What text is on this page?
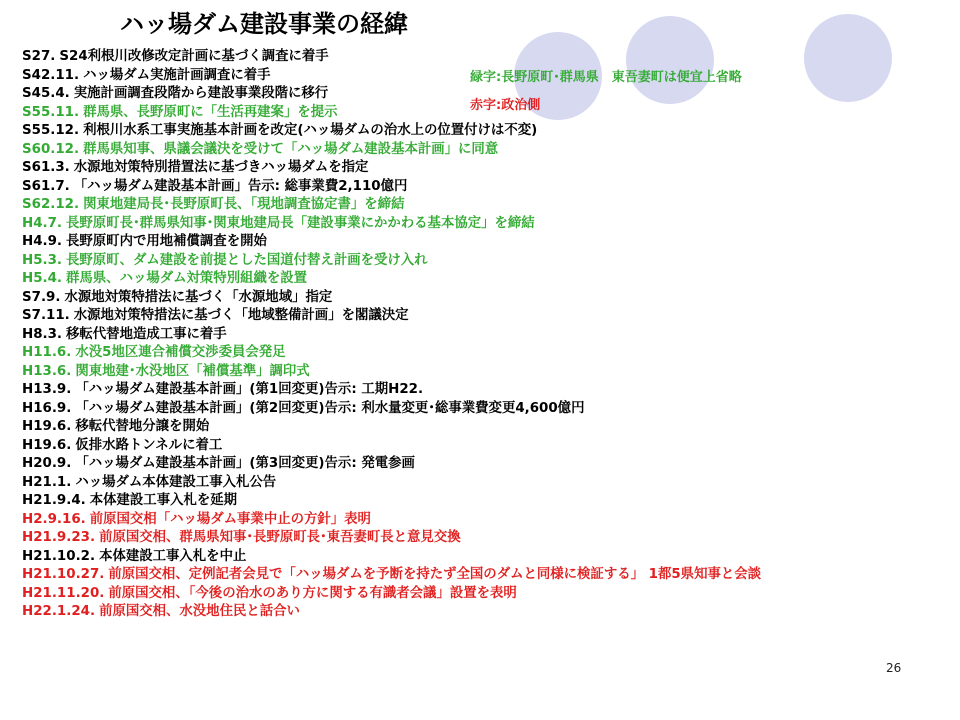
ハッ場ダム建設事業の経緯
緑字:長野原町･群馬県　東吾妻町は便宜上省略
赤字:政治側
S27. S24利根川改修改定計画に基づく調査に着手
S42.11. ハッ場ダム実施計画調査に着手
S45.4. 実施計画調査段階から建設事業段階に移行
S55.11. 群馬県、長野原町に「生活再建案」を提示
S55.12. 利根川水系工事実施基本計画を改定(ハッ場ダムの治水上の位置付けは不変)
S60.12. 群馬県知事、県議会議決を受けて「ハッ場ダム建設基本計画」に同意
S61.3. 水源地対策特別措置法に基づきハッ場ダムを指定
S61.7. 「ハッ場ダム建設基本計画」告示: 総事業費2,110億円
S62.12. 関東地建局長･長野原町長、「現地調査協定書」を締結
H4.7. 長野原町長･群馬県知事･関東地建局長「建設事業にかかわる基本協定」を締結
H4.9. 長野原町内で用地補償調査を開始
H5.3. 長野原町、ダム建設を前提とした国道付替え計画を受け入れ
H5.4. 群馬県、ハッ場ダム対策特別組織を設置
S7.9. 水源地対策特措法に基づく「水源地域」指定
S7.11. 水源地対策特措法に基づく「地域整備計画」を閣議決定
H8.3. 移転代替地造成工事に着手
H11.6. 水没5地区連合補償交渉委員会発足
H13.6. 関東地建･水没地区「補償基準」調印式
H13.9. 「ハッ場ダム建設基本計画」(第1回変更)告示: 工期H22.
H16.9. 「ハッ場ダム建設基本計画」(第2回変更)告示: 利水量変更･総事業費変更4,600億円
H19.6. 移転代替地分譲を開始
H19.6. 仮排水路トンネルに着工
H20.9. 「ハッ場ダム建設基本計画」(第3回変更)告示: 発電参画
H21.1. ハッ場ダム本体建設工事入札公告
H21.9.4. 本体建設工事入札を延期
H2.9.16. 前原国交相「ハッ場ダム事業中止の方針」表明
H21.9.23. 前原国交相、群馬県知事･長野原町長･東吾妻町長と意見交換
H21.10.2. 本体建設工事入札を中止
H21.10.27. 前原国交相、定例記者会見で「ハッ場ダムを予断を持たず全国のダムと同様に検証する」 1都5県知事と会談
H21.11.20. 前原国交相、「今後の治水のあり方に関する有識者会議」設置を表明
H22.1.24. 前原国交相、水没地住民と話合い
26
